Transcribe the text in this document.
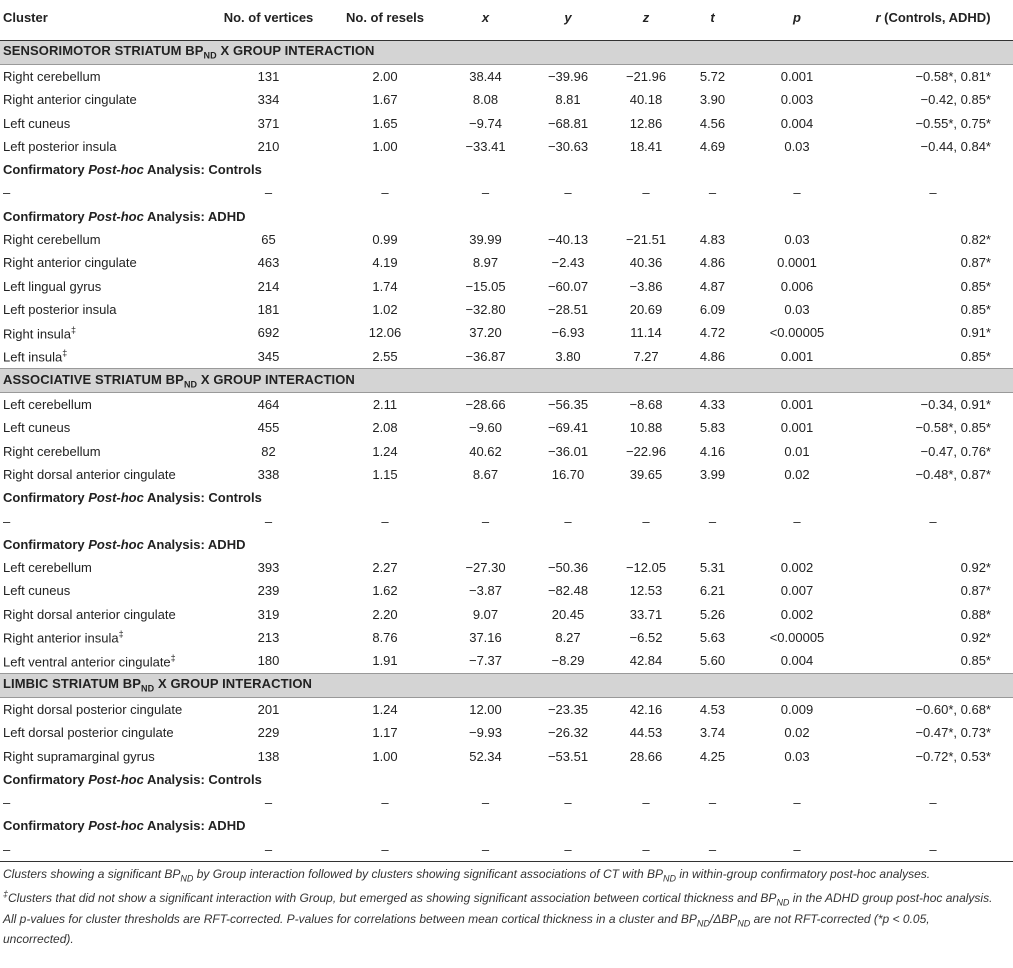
Cluster	No. of vertices	No. of resels	x	y	z	t	p	r (Controls, ADHD)
SENSORIMOTOR STRIATUM $BP_{ND}$ X GROUP INTERACTION								
Right cerebellum	131	2.00	38.44	−39.96	−21.96	5.72	0.001	−0.58*, 0.81*
Right anterior cingulate	334	1.67	8.08	8.81	40.18	3.90	0.003	−0.42, 0.85*
Left cuneus	371	1.65	−9.74	−68.81	12.86	4.56	0.004	−0.55*, 0.75*
Left posterior insula	210	1.00	−33.41	−30.63	18.41	4.69	0.03	−0.44, 0.84*
Confirmatory Post-hoc Analysis: Controls								
–	–	–	–	–	–	–	–	–
Confirmatory Post-hoc Analysis: ADHD								
Right cerebellum	65	0.99	39.99	−40.13	−21.51	4.83	0.03	0.82*
Right anterior cingulate	463	4.19	8.97	−2.43	40.36	4.86	0.0001	0.87*
Left lingual gyrus	214	1.74	−15.05	−60.07	−3.86	4.87	0.006	0.85*
Left posterior insula	181	1.02	−32.80	−28.51	20.69	6.09	0.03	0.85*
Right insula‡	692	12.06	37.20	−6.93	11.14	4.72	<0.00005	0.91*
Left insula‡	345	2.55	−36.87	3.80	7.27	4.86	0.001	0.85*
ASSOCIATIVE STRIATUM $BP_{ND}$ X GROUP INTERACTION								
Left cerebellum	464	2.11	−28.66	−56.35	−8.68	4.33	0.001	−0.34, 0.91*
Left cuneus	455	2.08	−9.60	−69.41	10.88	5.83	0.001	−0.58*, 0.85*
Right cerebellum	82	1.24	40.62	−36.01	−22.96	4.16	0.01	−0.47, 0.76*
Right dorsal anterior cingulate	338	1.15	8.67	16.70	39.65	3.99	0.02	−0.48*, 0.87*
Confirmatory Post-hoc Analysis: Controls								
–	–	–	–	–	–	–	–	–
Confirmatory Post-hoc Analysis: ADHD								
Left cerebellum	393	2.27	−27.30	−50.36	−12.05	5.31	0.002	0.92*
Left cuneus	239	1.62	−3.87	−82.48	12.53	6.21	0.007	0.87*
Right dorsal anterior cingulate	319	2.20	9.07	20.45	33.71	5.26	0.002	0.88*
Right anterior insula‡	213	8.76	37.16	8.27	−6.52	5.63	<0.00005	0.92*
Left ventral anterior cingulate‡	180	1.91	−7.37	−8.29	42.84	5.60	0.004	0.85*
LIMBIC STRIATUM $BP_{ND}$ X GROUP INTERACTION								
Right dorsal posterior cingulate	201	1.24	12.00	−23.35	42.16	4.53	0.009	−0.60*, 0.68*
Left dorsal posterior cingulate	229	1.17	−9.93	−26.32	44.53	3.74	0.02	−0.47*, 0.73*
Right supramarginal gyrus	138	1.00	52.34	−53.51	28.66	4.25	0.03	−0.72*, 0.53*
Confirmatory Post-hoc Analysis: Controls								
–	–	–	–	–	–	–	–	–
Confirmatory Post-hoc Analysis: ADHD								
–	–	–	–	–	–	–	–	–

Clusters showing a significant $BP_{ND}$ by Group interaction followed by clusters showing significant associations of CT with $BP_{ND}$ in within-group confirmatory post-hoc analyses.

‡Clusters that did not show a significant interaction with Group, but emerged as showing significant association between cortical thickness and $BP_{ND}$ in the ADHD group post-hoc analysis.

All p-values for cluster thresholds are RFT-corrected. P-values for correlations between mean cortical thickness in a cluster and $BP_{ND}/\Delta BP_{ND}$ are not RFT-corrected (*p < 0.05, uncorrected).
